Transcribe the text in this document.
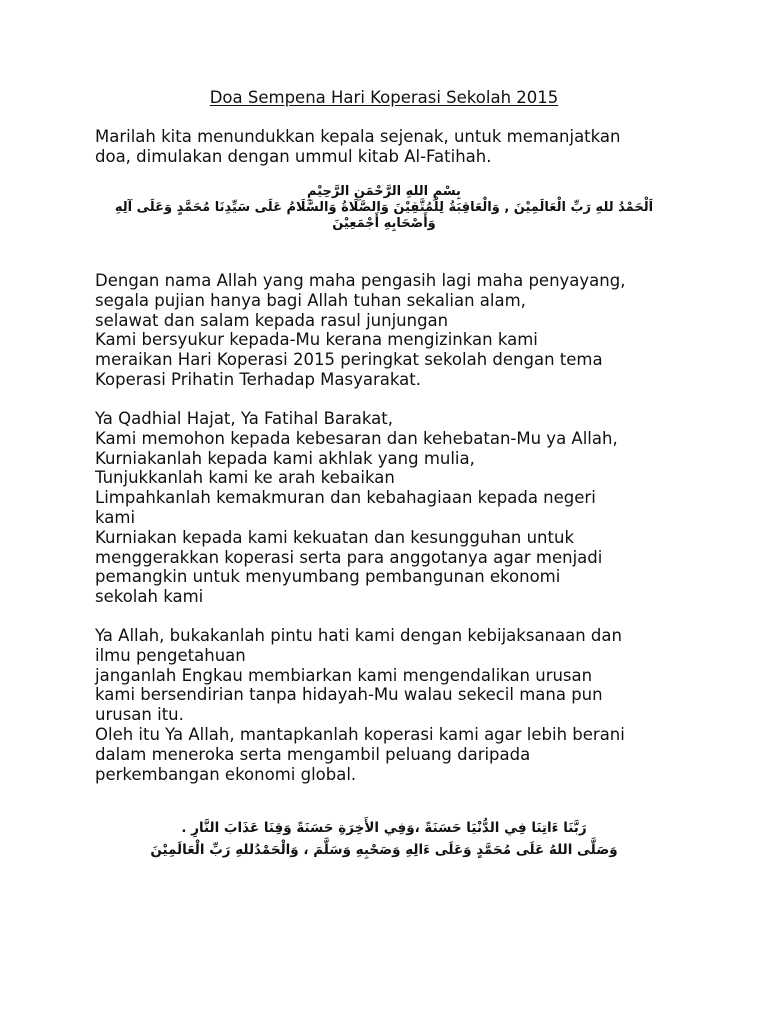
Doa Sempena Hari Koperasi Sekolah 2015
Marilah kita menundukkan kepala sejenak, untuk memanjatkan
doa, dimulakan dengan ummul kitab Al-Fatihah.
بِسْمِ اللهِ الرَّحْمَنِ الرَّحِيْمِ
اَلْحَمْدُ للهِ رَبِّ الْعَالَمِيْنَ , وَالْعَاقِبَةُ لِلْمُتَّقِيْنَ وَالصَّلَاةُ وَالسَّلَامُ عَلَى سَيِّدِنَا مُحَمَّدٍ وَعَلَى آلِهِ
وَأَصْحَابِهِ أَجْمَعِيْنَ
Dengan nama Allah yang maha pengasih lagi maha penyayang,
segala pujian hanya bagi Allah tuhan sekalian alam,
selawat dan salam kepada rasul junjungan
Kami bersyukur kepada-Mu kerana mengizinkan kami
meraikan Hari Koperasi 2015 peringkat sekolah dengan tema
Koperasi Prihatin Terhadap Masyarakat.
Ya Qadhial Hajat, Ya Fatihal Barakat,
Kami memohon kepada kebesaran dan kehebatan-Mu ya Allah,
Kurniakanlah kepada kami akhlak yang mulia,
Tunjukkanlah kami ke arah kebaikan
Limpahkanlah kemakmuran dan kebahagiaan kepada negeri
kami
Kurniakan kepada kami kekuatan dan kesungguhan untuk
menggerakkan koperasi serta para anggotanya agar menjadi
pemangkin untuk menyumbang pembangunan ekonomi
sekolah kami
Ya Allah, bukakanlah pintu hati kami dengan kebijaksanaan dan
ilmu pengetahuan
janganlah Engkau membiarkan kami mengendalikan urusan
kami bersendirian tanpa hidayah-Mu walau sekecil mana pun
urusan itu.
Oleh itu Ya Allah, mantapkanlah koperasi kami agar lebih berani
dalam meneroka serta mengambil peluang daripada
perkembangan ekonomi global.
رَبَّنَا ءَاتِنَا فِي الدُّنْيَا حَسَنَةً ،وَفِي الأَخِرَةِ حَسَنَةً وَقِنَا عَذَابَ النَّارِ .
وَصَلَّى اللهُ عَلَى مُحَمَّدٍ وَعَلَى ءَالِهِ وَصَحْبِهِ وَسَلَّمَ ، وَالْحَمْدُللهِ رَبِّ الْعَالَمِيْنَ
